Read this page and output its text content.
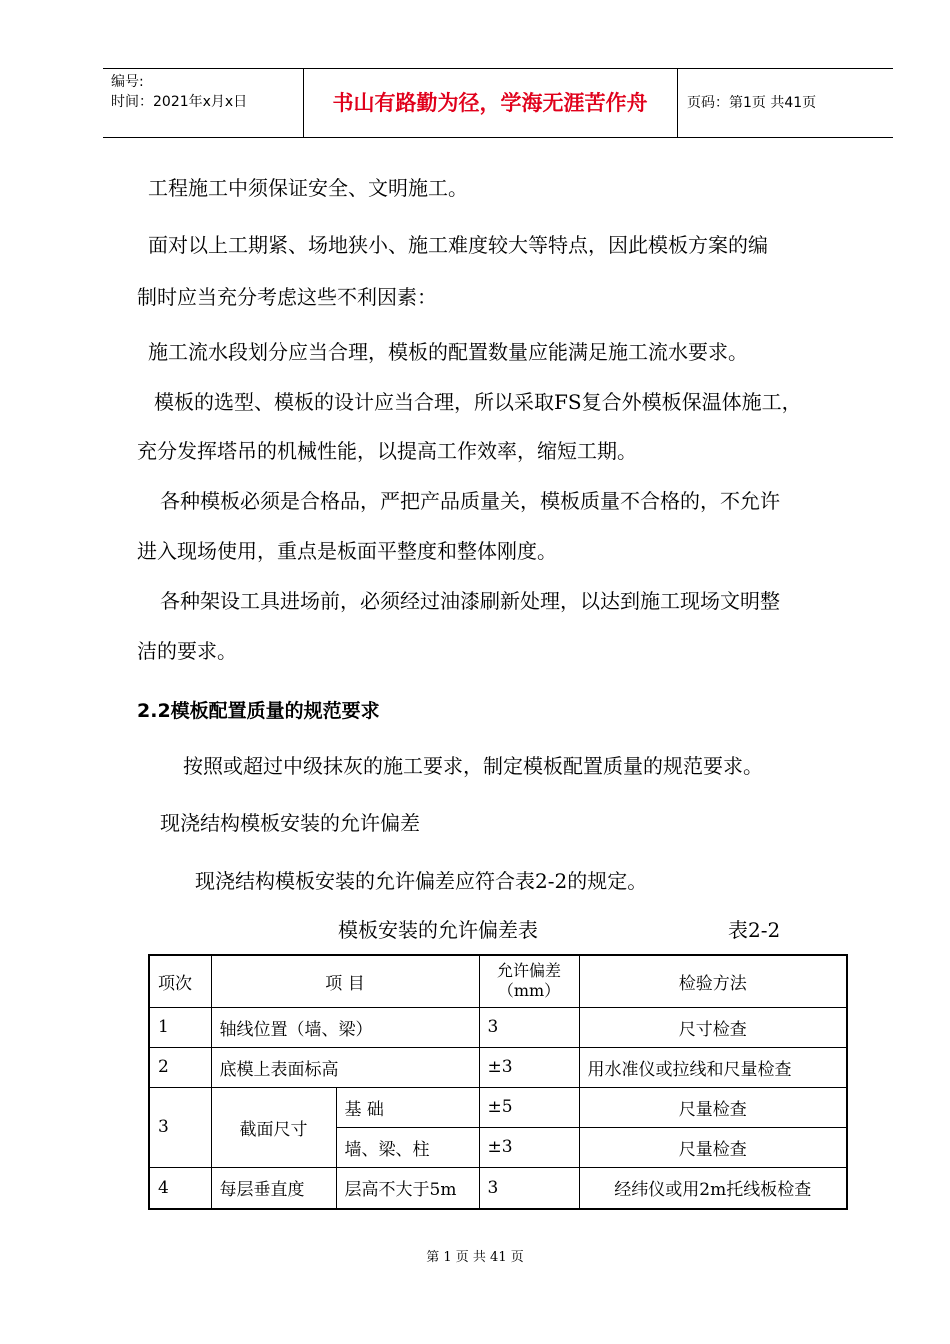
编号:
时间：2021年x月x日	书山有路勤为径，学海无涯苦作舟	页码：第1页 共41页
工程施工中须保证安全、文明施工。
面对以上工期紧、场地狭小、施工难度较大等特点，因此模板方案的编
制时应当充分考虑这些不利因素：
施工流水段划分应当合理，模板的配置数量应能满足施工流水要求。
模板的选型、模板的设计应当合理，所以采取FS复合外模板保温体施工，
充分发挥塔吊的机械性能，以提高工作效率，缩短工期。
各种模板必须是合格品，严把产品质量关，模板质量不合格的，不允许
进入现场使用，重点是板面平整度和整体刚度。
各种架设工具进场前，必须经过油漆刷新处理，以达到施工现场文明整
洁的要求。
2.2模板配置质量的规范要求
按照或超过中级抹灰的施工要求，制定模板配置质量的规范要求。
现浇结构模板安装的允许偏差
现浇结构模板安装的允许偏差应符合表2-2的规定。
模板安装的允许偏差表	表2-2
项次	项 目		允许偏差（mm）	检验方法
1	轴线位置（墙、梁）		3	尺寸检查
2	底模上表面标高		±3	用水准仪或拉线和尺量检查
3	截面尺寸	基 础	±5	尺量检查
		墙、梁、柱	±3	尺量检查
4	每层垂直度	层高不大于5m	3	经纬仪或用2m托线板检查
第 1 页 共 41 页
